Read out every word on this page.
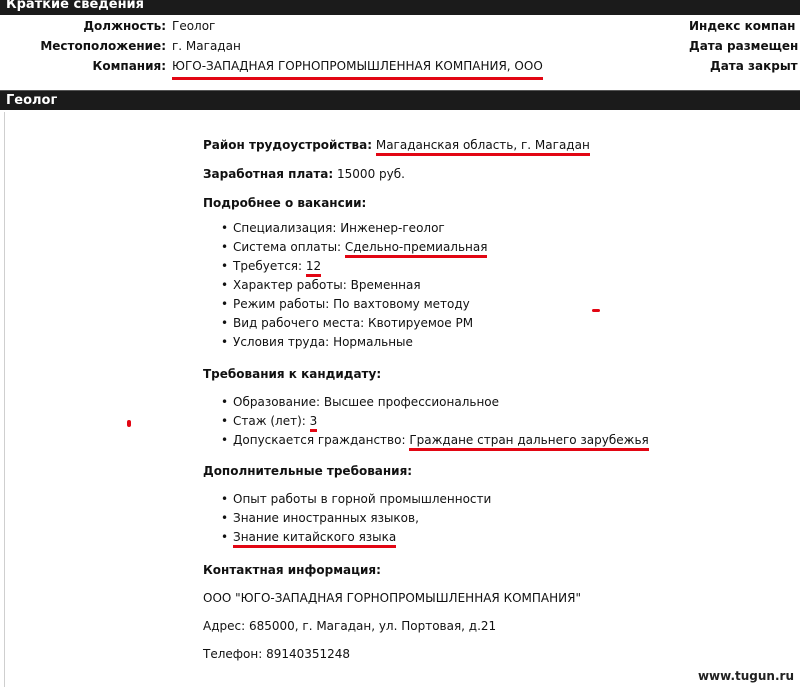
Краткие сведения
Должность: Геолог	Индекс компан
Местоположение: г. Магадан	Дата размещен
Компания: ЮГО-ЗАПАДНАЯ ГОРНОПРОМЫШЛЕННАЯ КОМПАНИЯ, ООО	Дата закрыт
Геолог
Район трудоустройства: Магаданская область, г. Магадан
Заработная плата: 15000 руб.
Подробнее о вакансии:
• Специализация: Инженер-геолог
• Система оплаты: Сдельно-премиальная
• Требуется: 12
• Характер работы: Временная
• Режим работы: По вахтовому методу
• Вид рабочего места: Квотируемое РМ
• Условия труда: Нормальные
Требования к кандидату:
• Образование: Высшее профессиональное
• Стаж (лет): 3
• Допускается гражданство: Граждане стран дальнего зарубежья
Дополнительные требования:
• Опыт работы в горной промышленности
• Знание иностранных языков,
• Знание китайского языка
Контактная информация:
ООО "ЮГО-ЗАПАДНАЯ ГОРНОПРОМЫШЛЕННАЯ КОМПАНИЯ"
Адрес: 685000, г. Магадан, ул. Портовая, д.21
Телефон: 89140351248
www.tugun.ru
